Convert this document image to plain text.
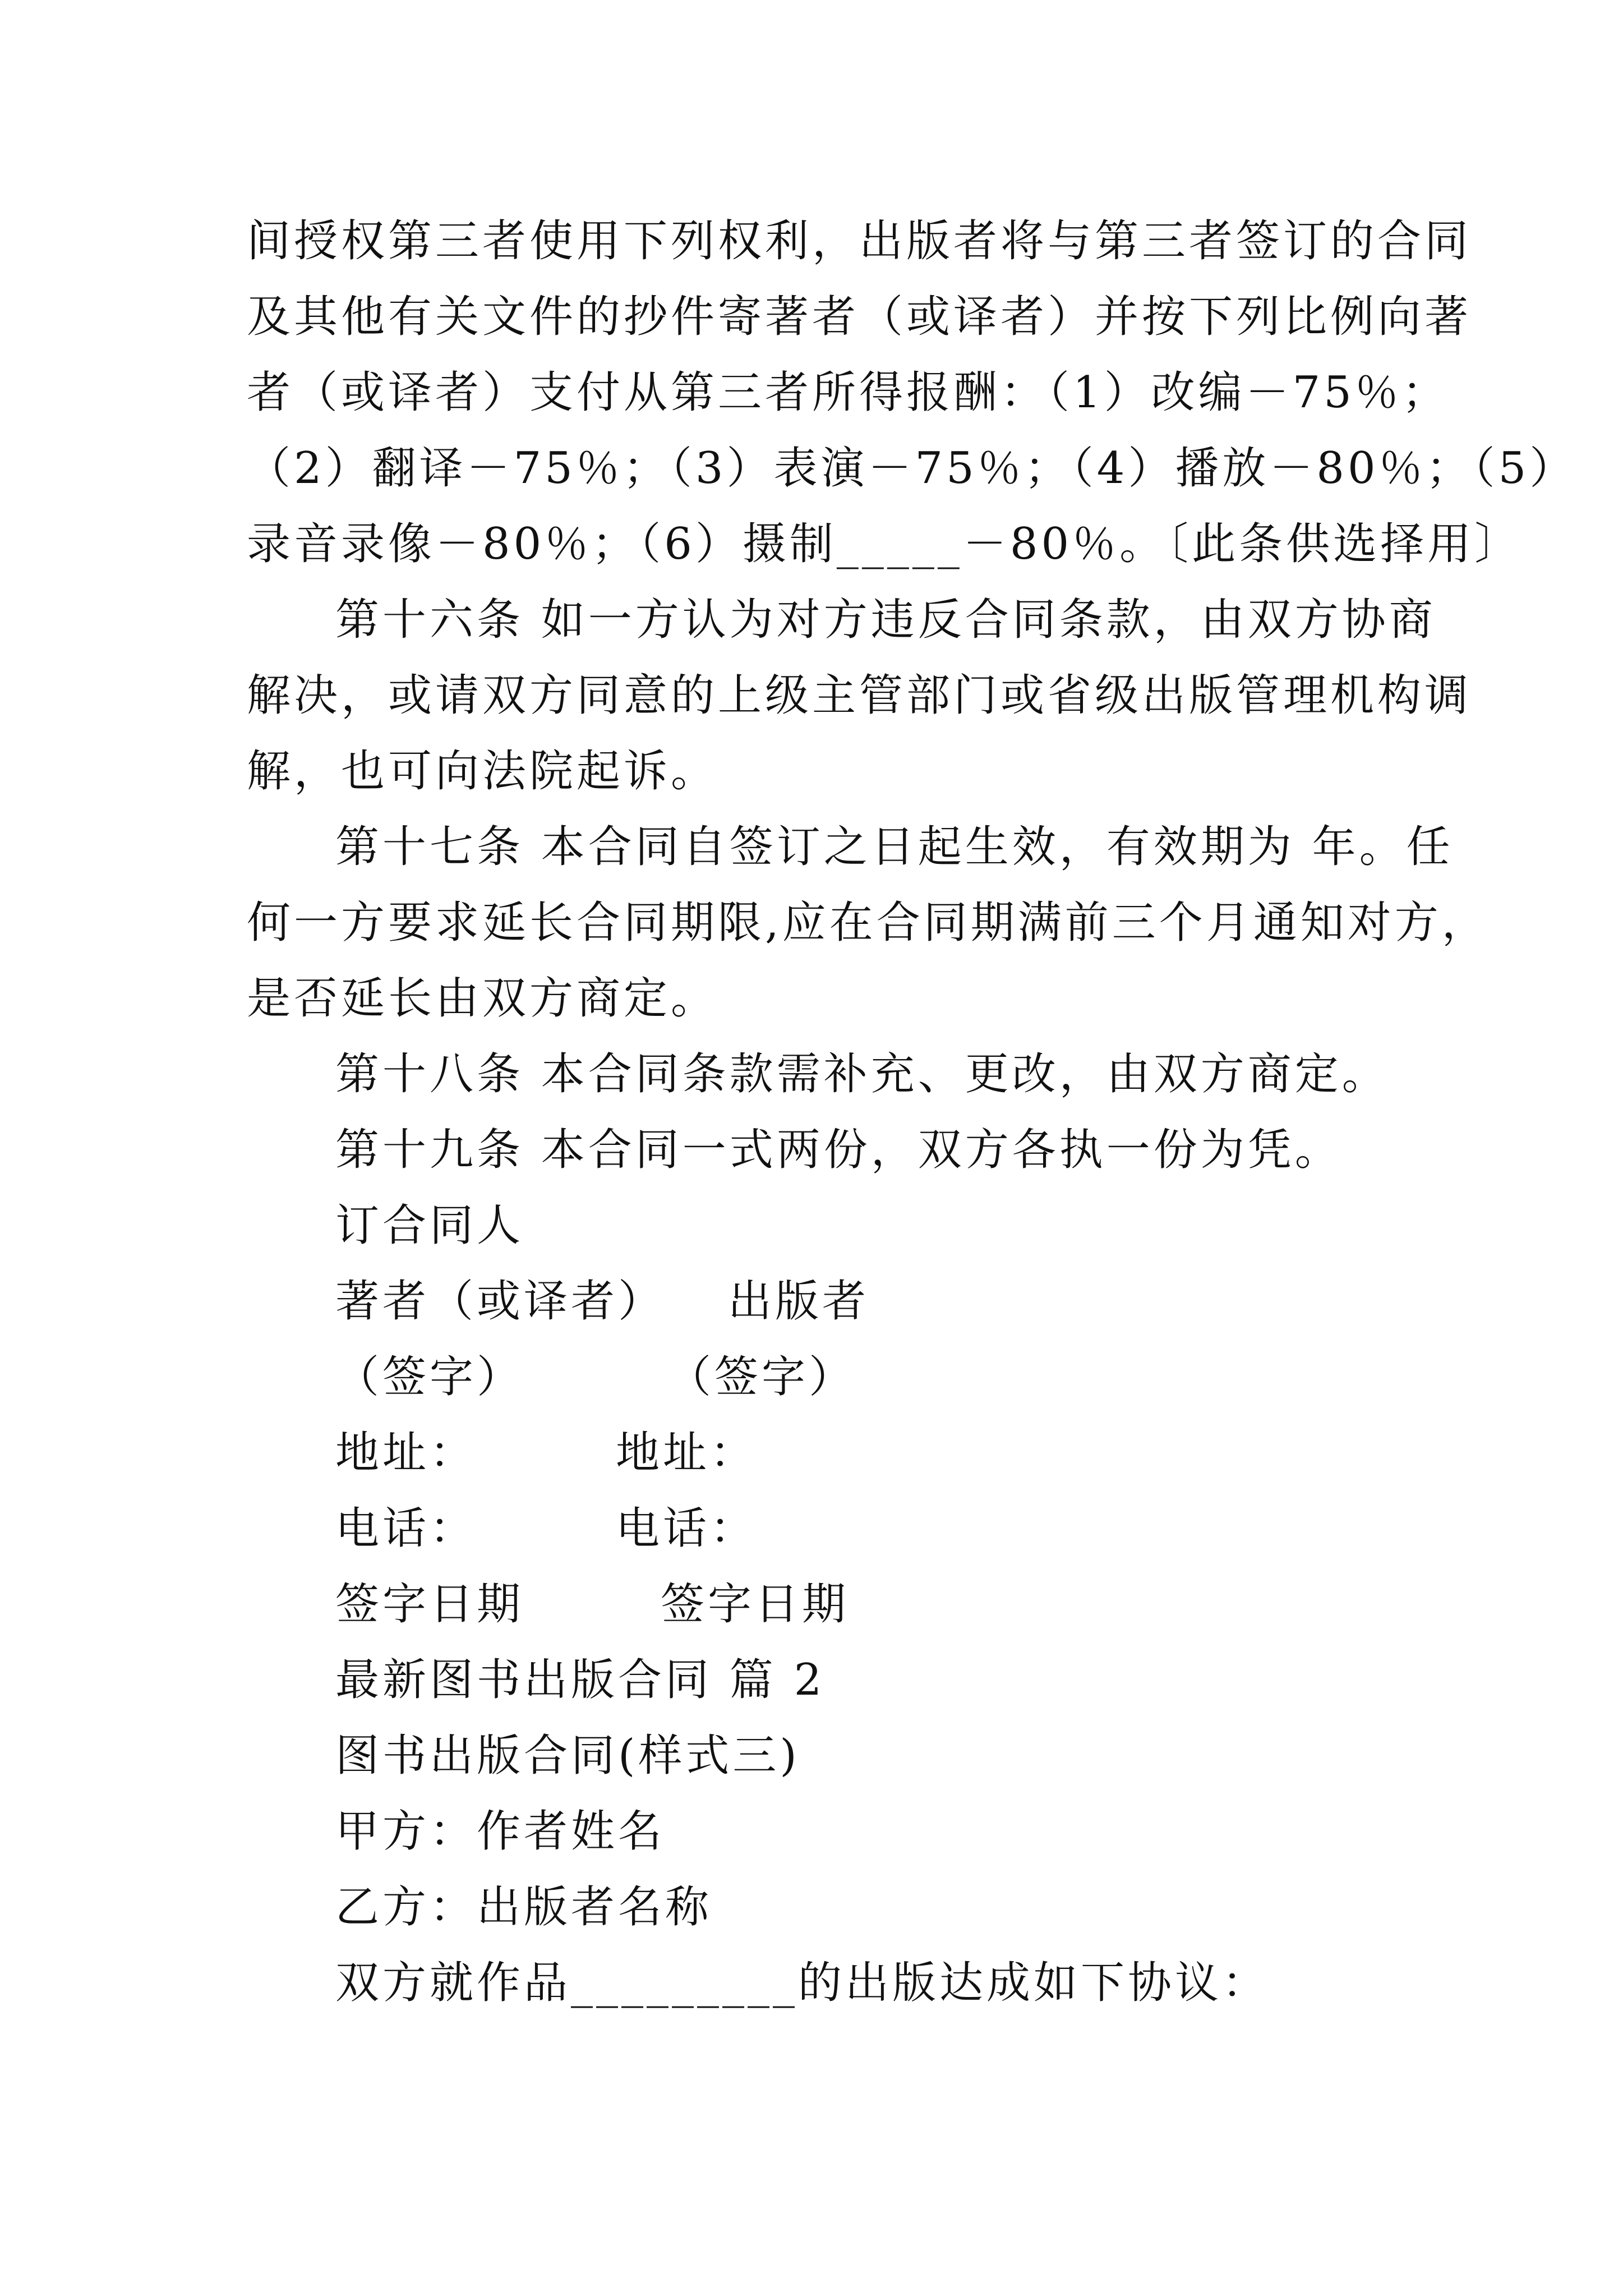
间授权第三者使用下列权利，出版者将与第三者签订的合同
及其他有关文件的抄件寄著者（或译者）并按下列比例向著
者（或译者）支付从第三者所得报酬：（1）改编－75％；
（2）翻译－75％；（3）表演－75％；（4）播放－80％；（5）
录音录像－80％；（6）摄制_____－80％。〔此条供选择用〕
第十六条 如一方认为对方违反合同条款，由双方协商
解决，或请双方同意的上级主管部门或省级出版管理机构调
解，也可向法院起诉。
第十七条 本合同自签订之日起生效，有效期为 年。任
何一方要求延长合同期限,应在合同期满前三个月通知对方，
是否延长由双方商定。
第十八条 本合同条款需补充、更改，由双方商定。
第十九条 本合同一式两份，双方各执一份为凭。
订合同人
著者（或译者） 出版者
（签字）	（签字）
地址：	地址：
电话：	电话：
签字日期	签字日期
最新图书出版合同 篇 2
图书出版合同(样式三)
甲方：作者姓名
乙方：出版者名称
双方就作品_________的出版达成如下协议：
